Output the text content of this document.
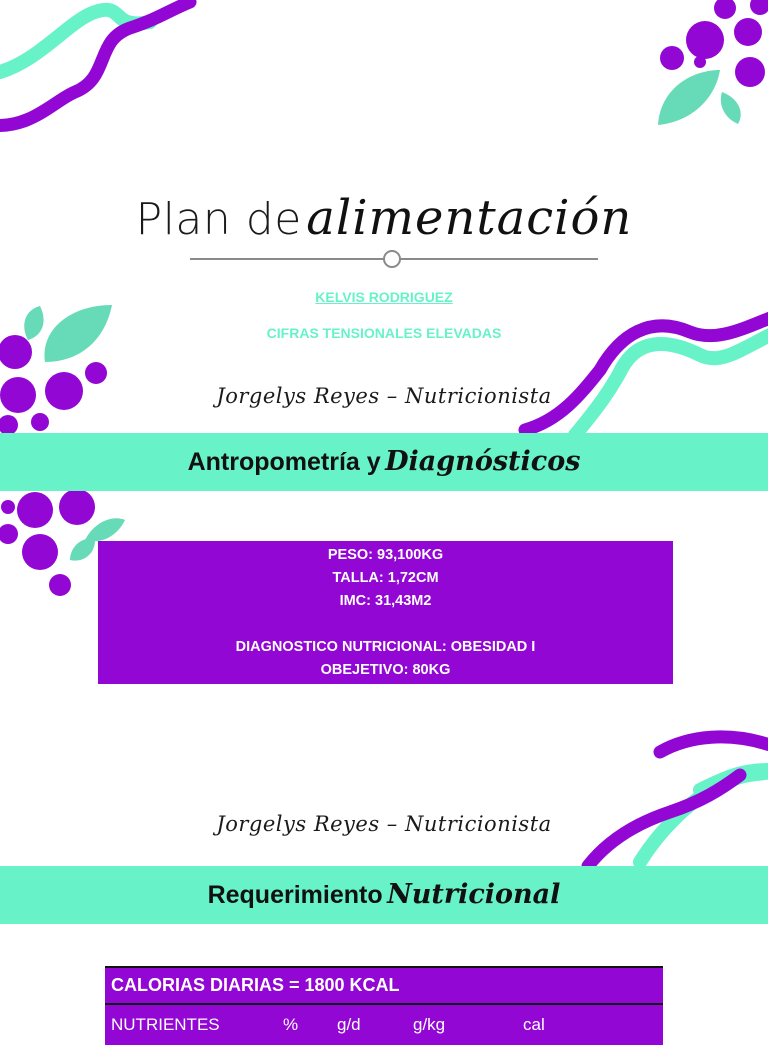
Plan de alimentación
KELVIS RODRIGUEZ
CIFRAS TENSIONALES ELEVADAS
Jorgelys Reyes – Nutricionista
Antropometría y Diagnósticos
PESO: 93,100KG
TALLA: 1,72CM
IMC: 31,43M2
DIAGNOSTICO NUTRICIONAL: OBESIDAD I
OBEJETIVO: 80KG
Jorgelys Reyes – Nutricionista
Requerimiento Nutricional
CALORIAS DIARIAS = 1800 KCAL
NUTRIENTES	% g/d	g/kg	cal
